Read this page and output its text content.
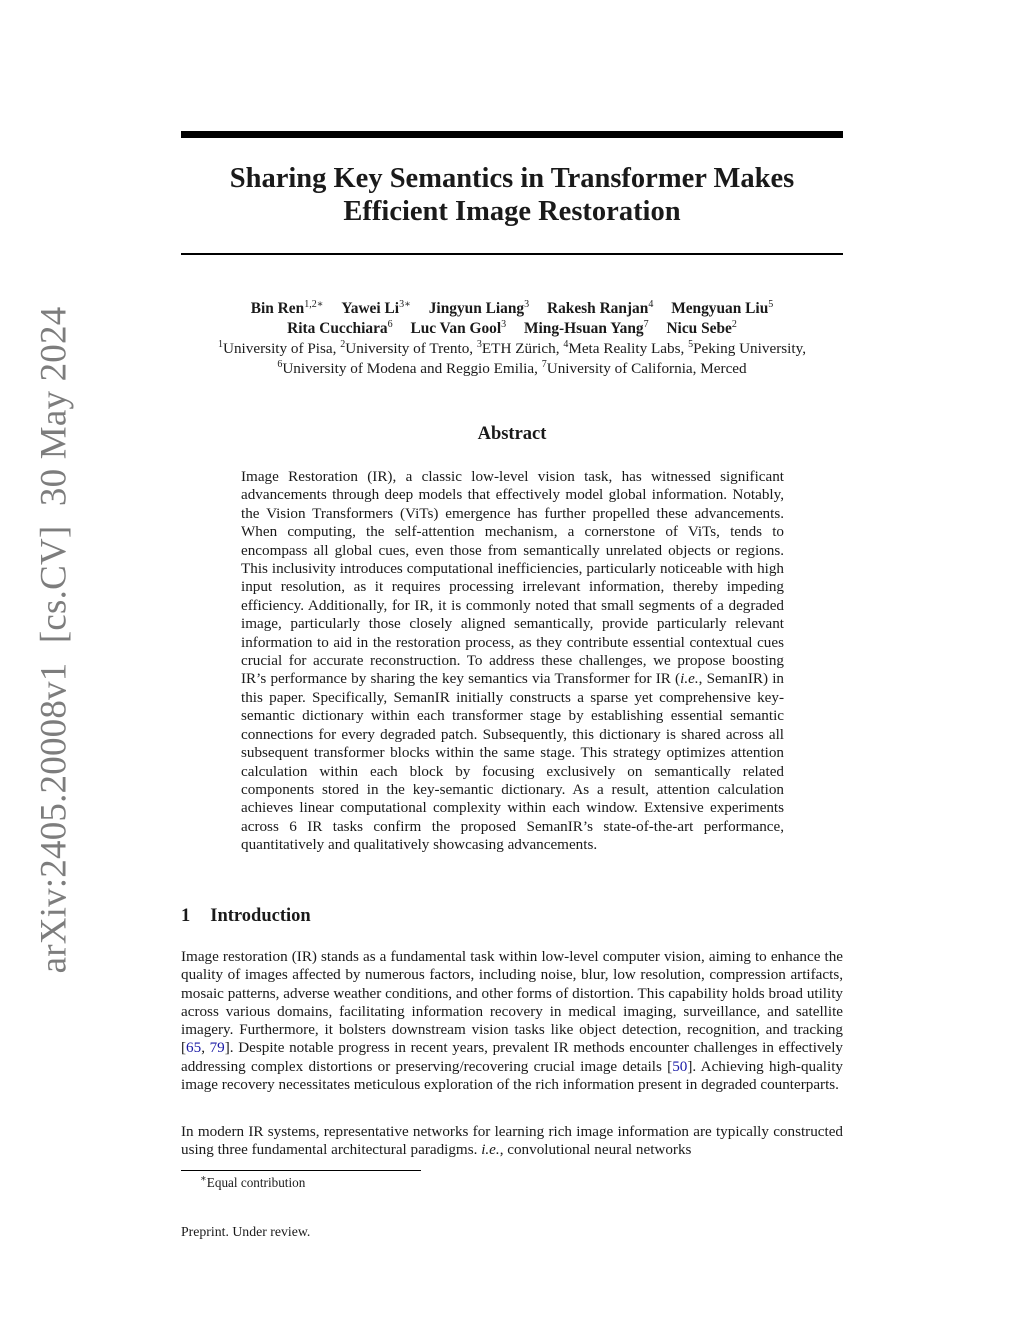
arXiv:2405.20008v1 [cs.CV] 30 May 2024
Sharing Key Semantics in Transformer Makes
Efficient Image Restoration
Bin Ren$^{1,2∗}$ Yawei $Li^{3∗}$ Jingyun Liang$^3$ Rakesh Ranjan$^4$ Mengyuan Liu$^5$
Rita Cucchiara$^6$ Luc Van Gool$^3$ Ming-Hsuan Yang$^7$ Nicu Sebe$^2$
$^1$University of Pisa, $^2$University of Trento, $^3$ETH Zürich, $^4$Meta Reality Labs, $^5$Peking University,
$^6$University of Modena and Reggio Emilia, $^7$University of California, Merced
Abstract
Image Restoration (IR), a classic low-level vision task, has witnessed significant advancements through deep models that effectively model global information. Notably, the Vision Transformers (ViTs) emergence has further propelled these advancements. When computing, the self-attention mechanism, a cornerstone of ViTs, tends to encompass all global cues, even those from semantically unrelated objects or regions. This inclusivity introduces computational inefficiencies, particularly noticeable with high input resolution, as it requires processing irrelevant information, thereby impeding efficiency. Additionally, for IR, it is commonly noted that small segments of a degraded image, particularly those closely aligned semantically, provide particularly relevant information to aid in the restoration process, as they contribute essential contextual cues crucial for accurate reconstruction. To address these challenges, we propose boosting IR’s performance by sharing the key semantics via Transformer for IR (i.e., SemanIR) in this paper. Specifically, SemanIR initially constructs a sparse yet comprehensive key-semantic dictionary within each transformer stage by establishing essential semantic connections for every degraded patch. Subsequently, this dictionary is shared across all subsequent transformer blocks within the same stage. This strategy optimizes attention calculation within each block by focusing exclusively on semantically related components stored in the key-semantic dictionary. As a result, attention calculation achieves linear computational complexity within each window. Extensive experiments across 6 IR tasks confirm the proposed SemanIR’s state-of-the-art performance, quantitatively and qualitatively showcasing advancements.
1 Introduction
Image restoration (IR) stands as a fundamental task within low-level computer vision, aiming to enhance the quality of images affected by numerous factors, including noise, blur, low resolution, compression artifacts, mosaic patterns, adverse weather conditions, and other forms of distortion. This capability holds broad utility across various domains, facilitating information recovery in medical imaging, surveillance, and satellite imagery. Furthermore, it bolsters downstream vision tasks like object detection, recognition, and tracking [65, 79]. Despite notable progress in recent years, prevalent IR methods encounter challenges in effectively addressing complex distortions or preserving/recovering crucial image details [50]. Achieving high-quality image recovery necessitates meticulous exploration of the rich information present in degraded counterparts.
In modern IR systems, representative networks for learning rich image information are typically constructed using three fundamental architectural paradigms. i.e., convolutional neural networks
∗Equal contribution
Preprint. Under review.
